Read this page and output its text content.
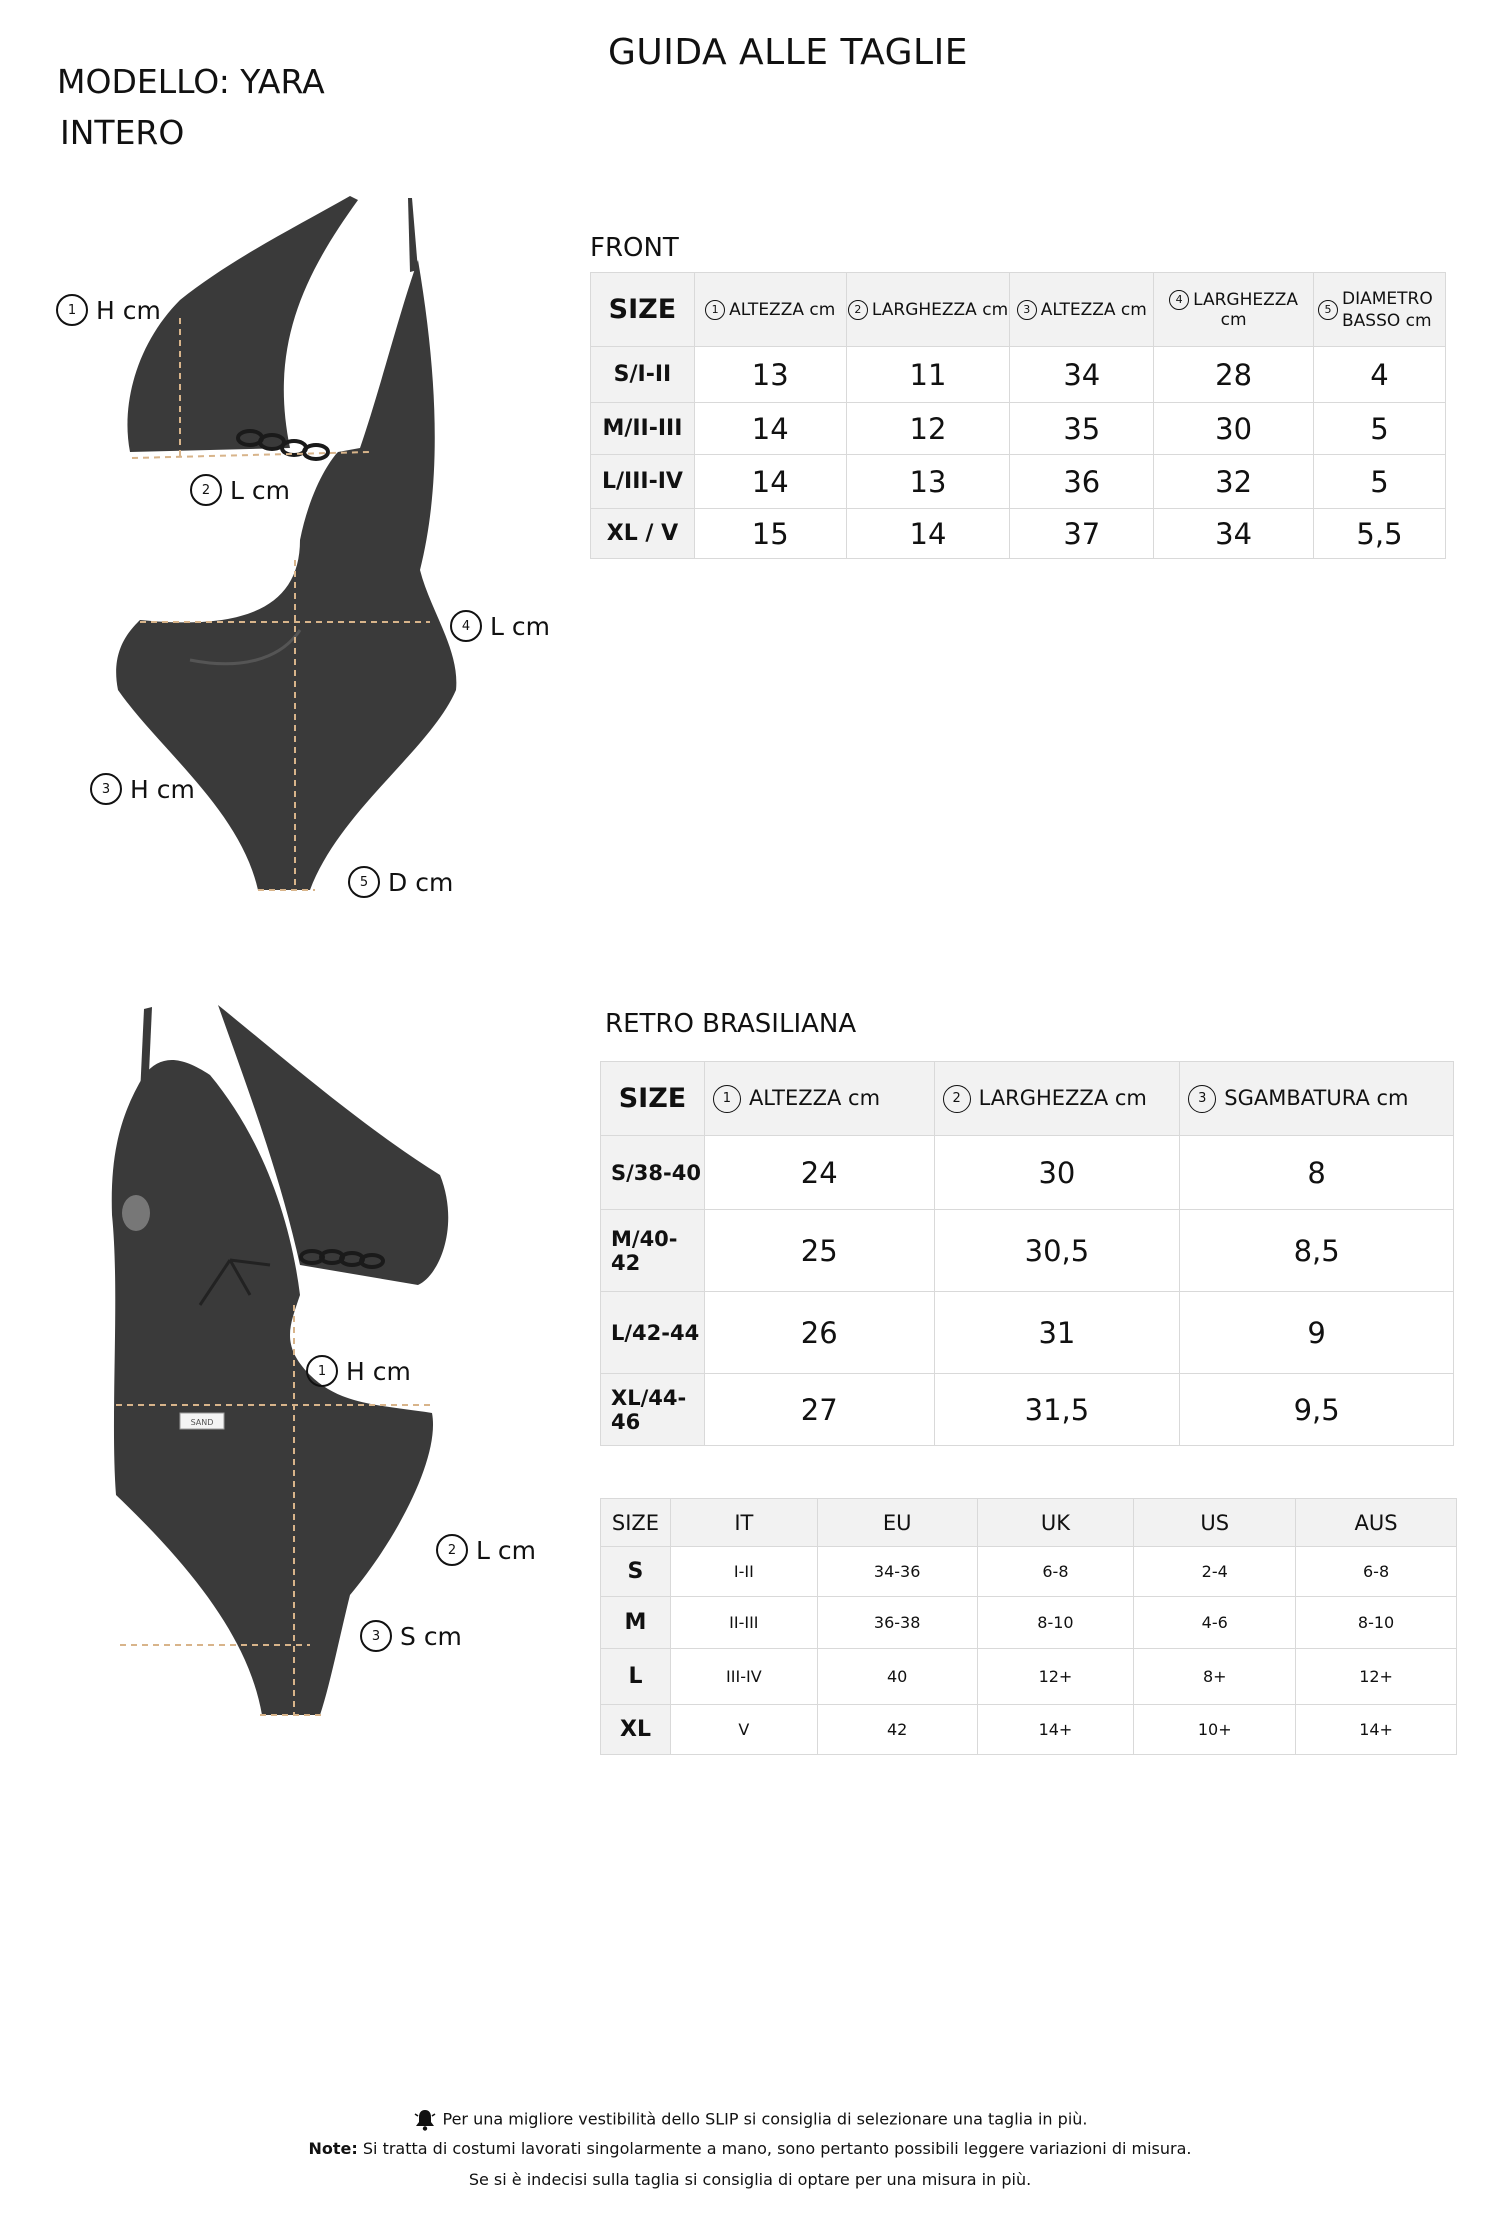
GUIDA ALLE TAGLIE
MODELLO: YARA
INTERO
1 H cm
2 L cm
4 L cm
3 H cm
5 D cm
FRONT
SIZE	1 ALTEZZA cm	2 LARGHEZZA cm	3 ALTEZZA cm	4 LARGHEZZA cm	5
DIAMETRO BASSO cm

S/I-II	13	11	34	28	4
M/II-III	14	12	35	30	5
L/III-IV	14	13	36	32	5
XL / V	15	14	37	34	5,5
SAND
1 H cm
2 L cm
3 S cm
RETRO BRASILIANA
SIZE	1 ALTEZZA cm	2 LARGHEZZA cm	3 SGAMBATURA cm
S/38-40	24	30	8
M/40-42	25	30,5	8,5
L/42-44	26	31	9
XL/44-46	27	31,5	9,5
SIZE	IT	EU	UK	US	AUS
S	I-II	34-36	6-8	2-4	6-8
M	II-III	36-38	8-10	4-6	8-10
L	III-IV	40	12+	8+	12+
XL	V	42	14+	10+	14+
Per una migliore vestibilità dello SLIP si consiglia di selezionare una taglia in più.
Note: Si tratta di costumi lavorati singolarmente a mano, sono pertanto possibili leggere variazioni di misura.
Se si è indecisi sulla taglia si consiglia di optare per una misura in più.
